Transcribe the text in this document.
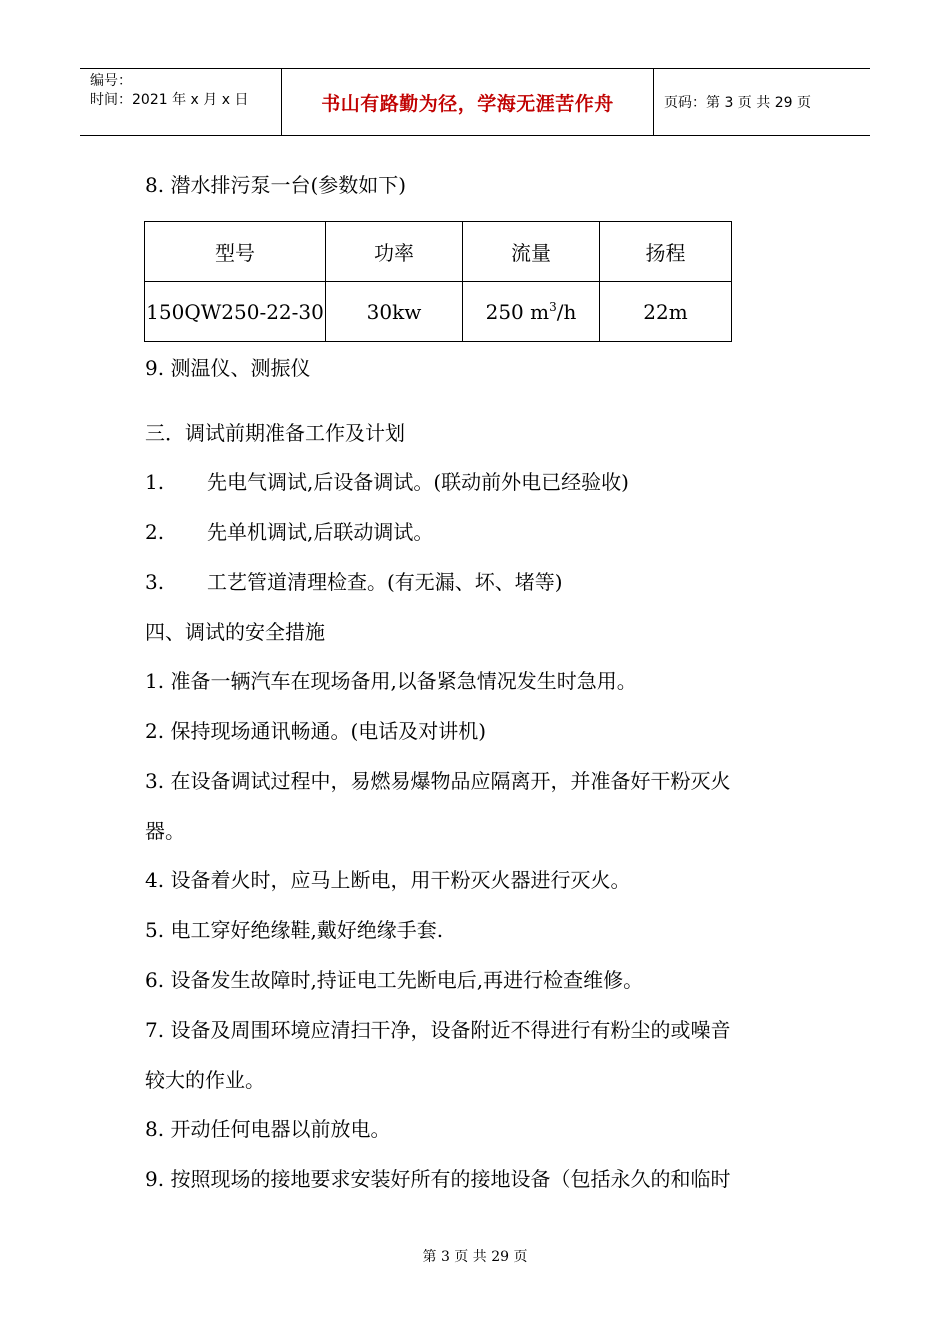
编号：
时间：2021 年 x 月 x 日	书山有路勤为径，学海无涯苦作舟	页码：第 3 页 共 29 页
8. 潜水排污泵一台(参数如下)
型号	功率	流量	扬程
150QW250-22-30	30kw	250 $m^3/h$	22m
9. 测温仪、测振仪
三．调试前期准备工作及计划
1. 先电气调试,后设备调试。(联动前外电已经验收)
2. 先单机调试,后联动调试。
3. 工艺管道清理检查。(有无漏、坏、堵等)
四、调试的安全措施
1. 准备一辆汽车在现场备用,以备紧急情况发生时急用。
2. 保持现场通讯畅通。(电话及对讲机)
3. 在设备调试过程中，易燃易爆物品应隔离开，并准备好干粉灭火
器。
4. 设备着火时，应马上断电，用干粉灭火器进行灭火。
5. 电工穿好绝缘鞋,戴好绝缘手套.
6. 设备发生故障时,持证电工先断电后,再进行检查维修。
7. 设备及周围环境应清扫干净，设备附近不得进行有粉尘的或噪音
较大的作业。
8. 开动任何电器以前放电。
9. 按照现场的接地要求安装好所有的接地设备（包括永久的和临时
第 3 页 共 29 页
